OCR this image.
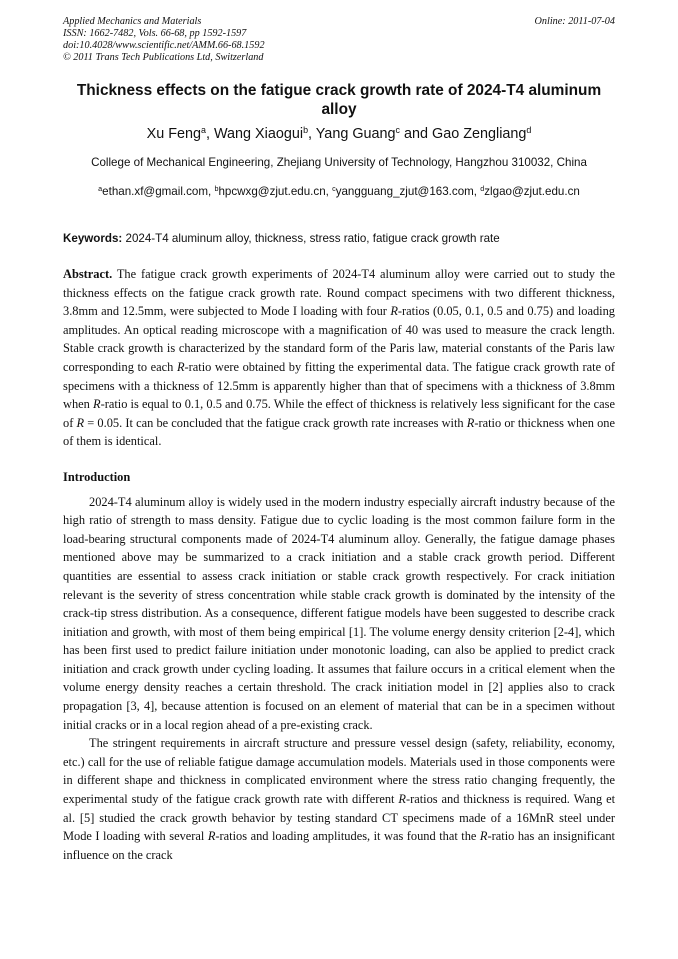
Applied Mechanics and Materials
ISSN: 1662-7482, Vols. 66-68, pp 1592-1597
doi:10.4028/www.scientific.net/AMM.66-68.1592
© 2011 Trans Tech Publications Ltd, Switzerland
Online: 2011-07-04
Thickness effects on the fatigue crack growth rate of 2024-T4 aluminum alloy
Xu Feng$^a$, Wang Xiaogui$^b$, Yang Guang$^c$ and Gao Zengliang$^d$
College of Mechanical Engineering, Zhejiang University of Technology, Hangzhou 310032, China
$^a$ethan.xf@gmail.com, $^b$hpcwxg@zjut.edu.cn, $^c$yangguang_zjut@163.com, $^d$zlgao@zjut.edu.cn
Keywords: 2024-T4 aluminum alloy, thickness, stress ratio, fatigue crack growth rate

Abstract. The fatigue crack growth experiments of 2024-T4 aluminum alloy were carried out to study the thickness effects on the fatigue crack growth rate. Round compact specimens with two different thickness, 3.8mm and 12.5mm, were subjected to Mode I loading with four R-ratios (0.05, 0.1, 0.5 and 0.75) and loading amplitudes. An optical reading microscope with a magnification of 40 was used to measure the crack length. Stable crack growth is characterized by the standard form of the Paris law, material constants of the Paris law corresponding to each R-ratio were obtained by fitting the experimental data. The fatigue crack growth rate of specimens with a thickness of 12.5mm is apparently higher than that of specimens with a thickness of 3.8mm when R-ratio is equal to 0.1, 0.5 and 0.75. While the effect of thickness is relatively less significant for the case of R = 0.05. It can be concluded that the fatigue crack growth rate increases with R-ratio or thickness when one of them is identical.

Introduction

2024-T4 aluminum alloy is widely used in the modern industry especially aircraft industry because of the high ratio of strength to mass density. Fatigue due to cyclic loading is the most common failure form in the load-bearing structural components made of 2024-T4 aluminum alloy. Generally, the fatigue damage phases mentioned above may be summarized to a crack initiation and a stable crack growth period. Different quantities are essential to assess crack initiation or stable crack growth respectively. For crack initiation relevant is the severity of stress concentration while stable crack growth is dominated by the intensity of the crack-tip stress distribution. As a consequence, different fatigue models have been suggested to describe crack initiation and growth, with most of them being empirical [1]. The volume energy density criterion [2-4], which has been first used to predict failure initiation under monotonic loading, can also be applied to predict crack initiation and crack growth under cycling loading. It assumes that failure occurs in a critical element when the volume energy density reaches a certain threshold. The crack initiation model in [2] applies also to crack propagation [3, 4], because attention is focused on an element of material that can be in a specimen without initial cracks or in a local region ahead of a pre-existing crack.

The stringent requirements in aircraft structure and pressure vessel design (safety, reliability, economy, etc.) call for the use of reliable fatigue damage accumulation models. Materials used in those components were in different shape and thickness in complicated environment where the stress ratio changing frequently, the experimental study of the fatigue crack growth rate with different R-ratios and thickness is required. Wang et al. [5] studied the crack growth behavior by testing standard CT specimens made of a 16MnR steel under Mode I loading with several R-ratios and loading amplitudes, it was found that the R-ratio has an insignificant influence on the crack
